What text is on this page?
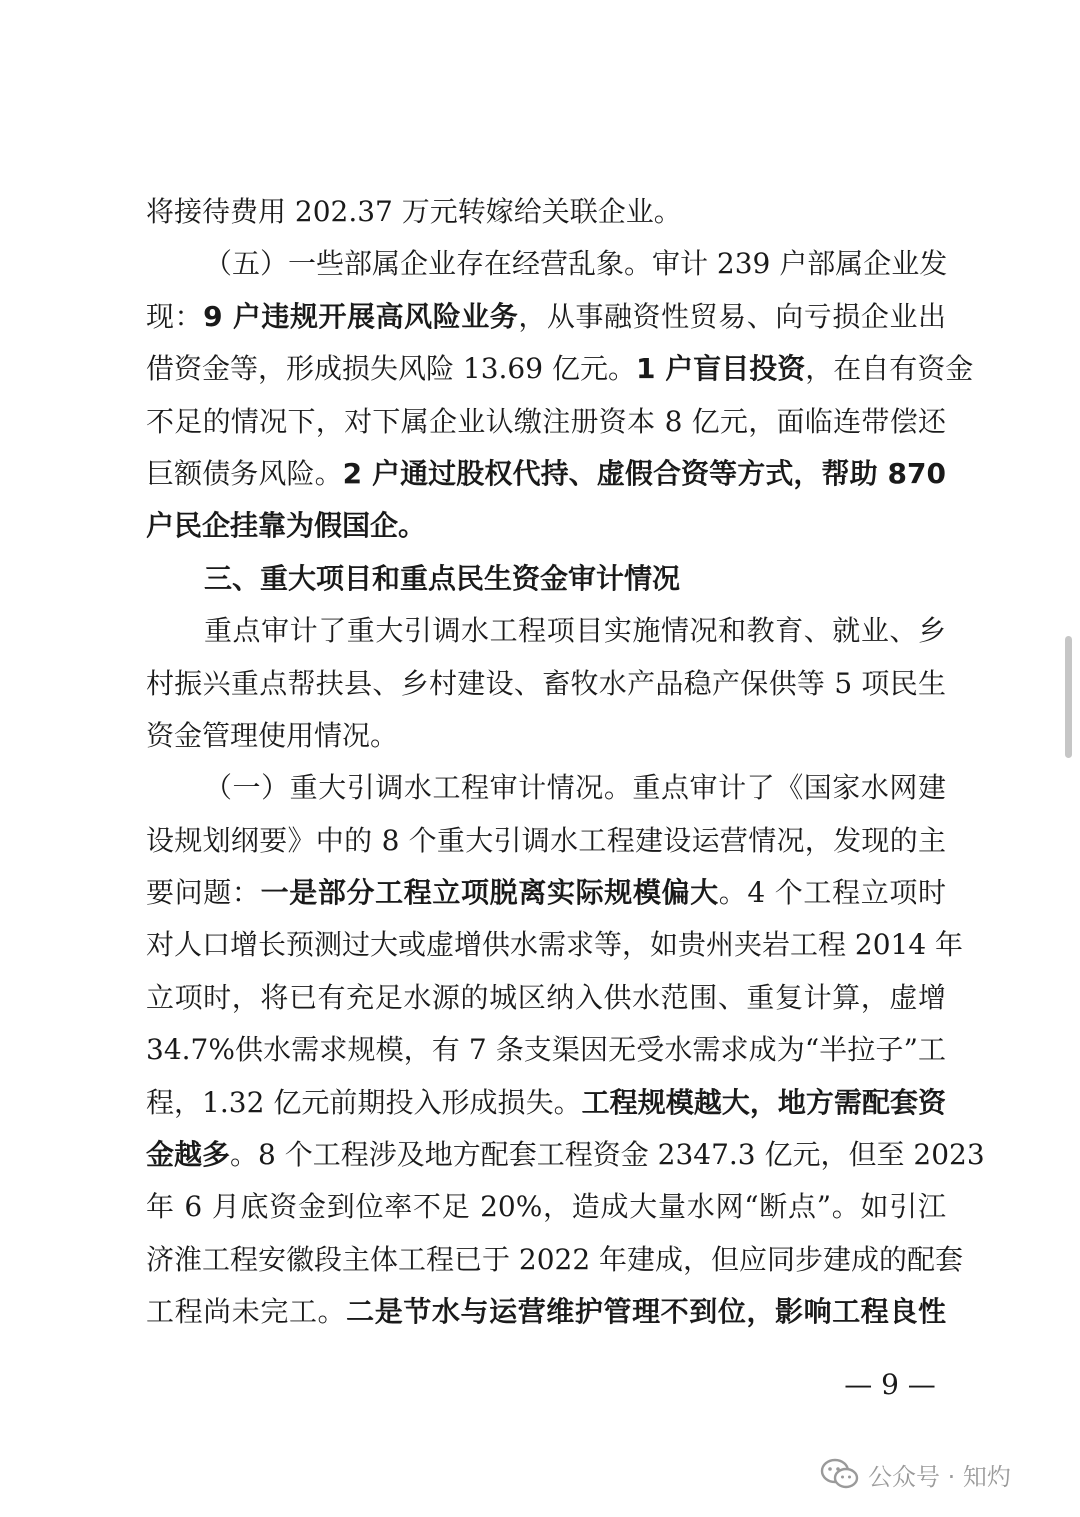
将接待费用 202.37 万元转嫁给关联企业。
（五）一些部属企业存在经营乱象。审计 239 户部属企业发
现：9 户违规开展高风险业务，从事融资性贸易、向亏损企业出
借资金等，形成损失风险 13.69 亿元。1 户盲目投资，在自有资金
不足的情况下，对下属企业认缴注册资本 8 亿元，面临连带偿还
巨额债务风险。2 户通过股权代持、虚假合资等方式，帮助 870
户民企挂靠为假国企。
三、重大项目和重点民生资金审计情况
重点审计了重大引调水工程项目实施情况和教育、就业、乡
村振兴重点帮扶县、乡村建设、畜牧水产品稳产保供等 5 项民生
资金管理使用情况。
（一）重大引调水工程审计情况。重点审计了《国家水网建
设规划纲要》中的 8 个重大引调水工程建设运营情况，发现的主
要问题：一是部分工程立项脱离实际规模偏大。4 个工程立项时
对人口增长预测过大或虚增供水需求等，如贵州夹岩工程 2014 年
立项时，将已有充足水源的城区纳入供水范围、重复计算，虚增
34.7%供水需求规模，有 7 条支渠因无受水需求成为“半拉子”工
程，1.32 亿元前期投入形成损失。工程规模越大，地方需配套资
金越多。8 个工程涉及地方配套工程资金 2347.3 亿元，但至 2023
年 6 月底资金到位率不足 20%，造成大量水网“断点”。如引江
济淮工程安徽段主体工程已于 2022 年建成，但应同步建成的配套
工程尚未完工。二是节水与运营维护管理不到位，影响工程良性
— 9 —
公众号 · 知灼
